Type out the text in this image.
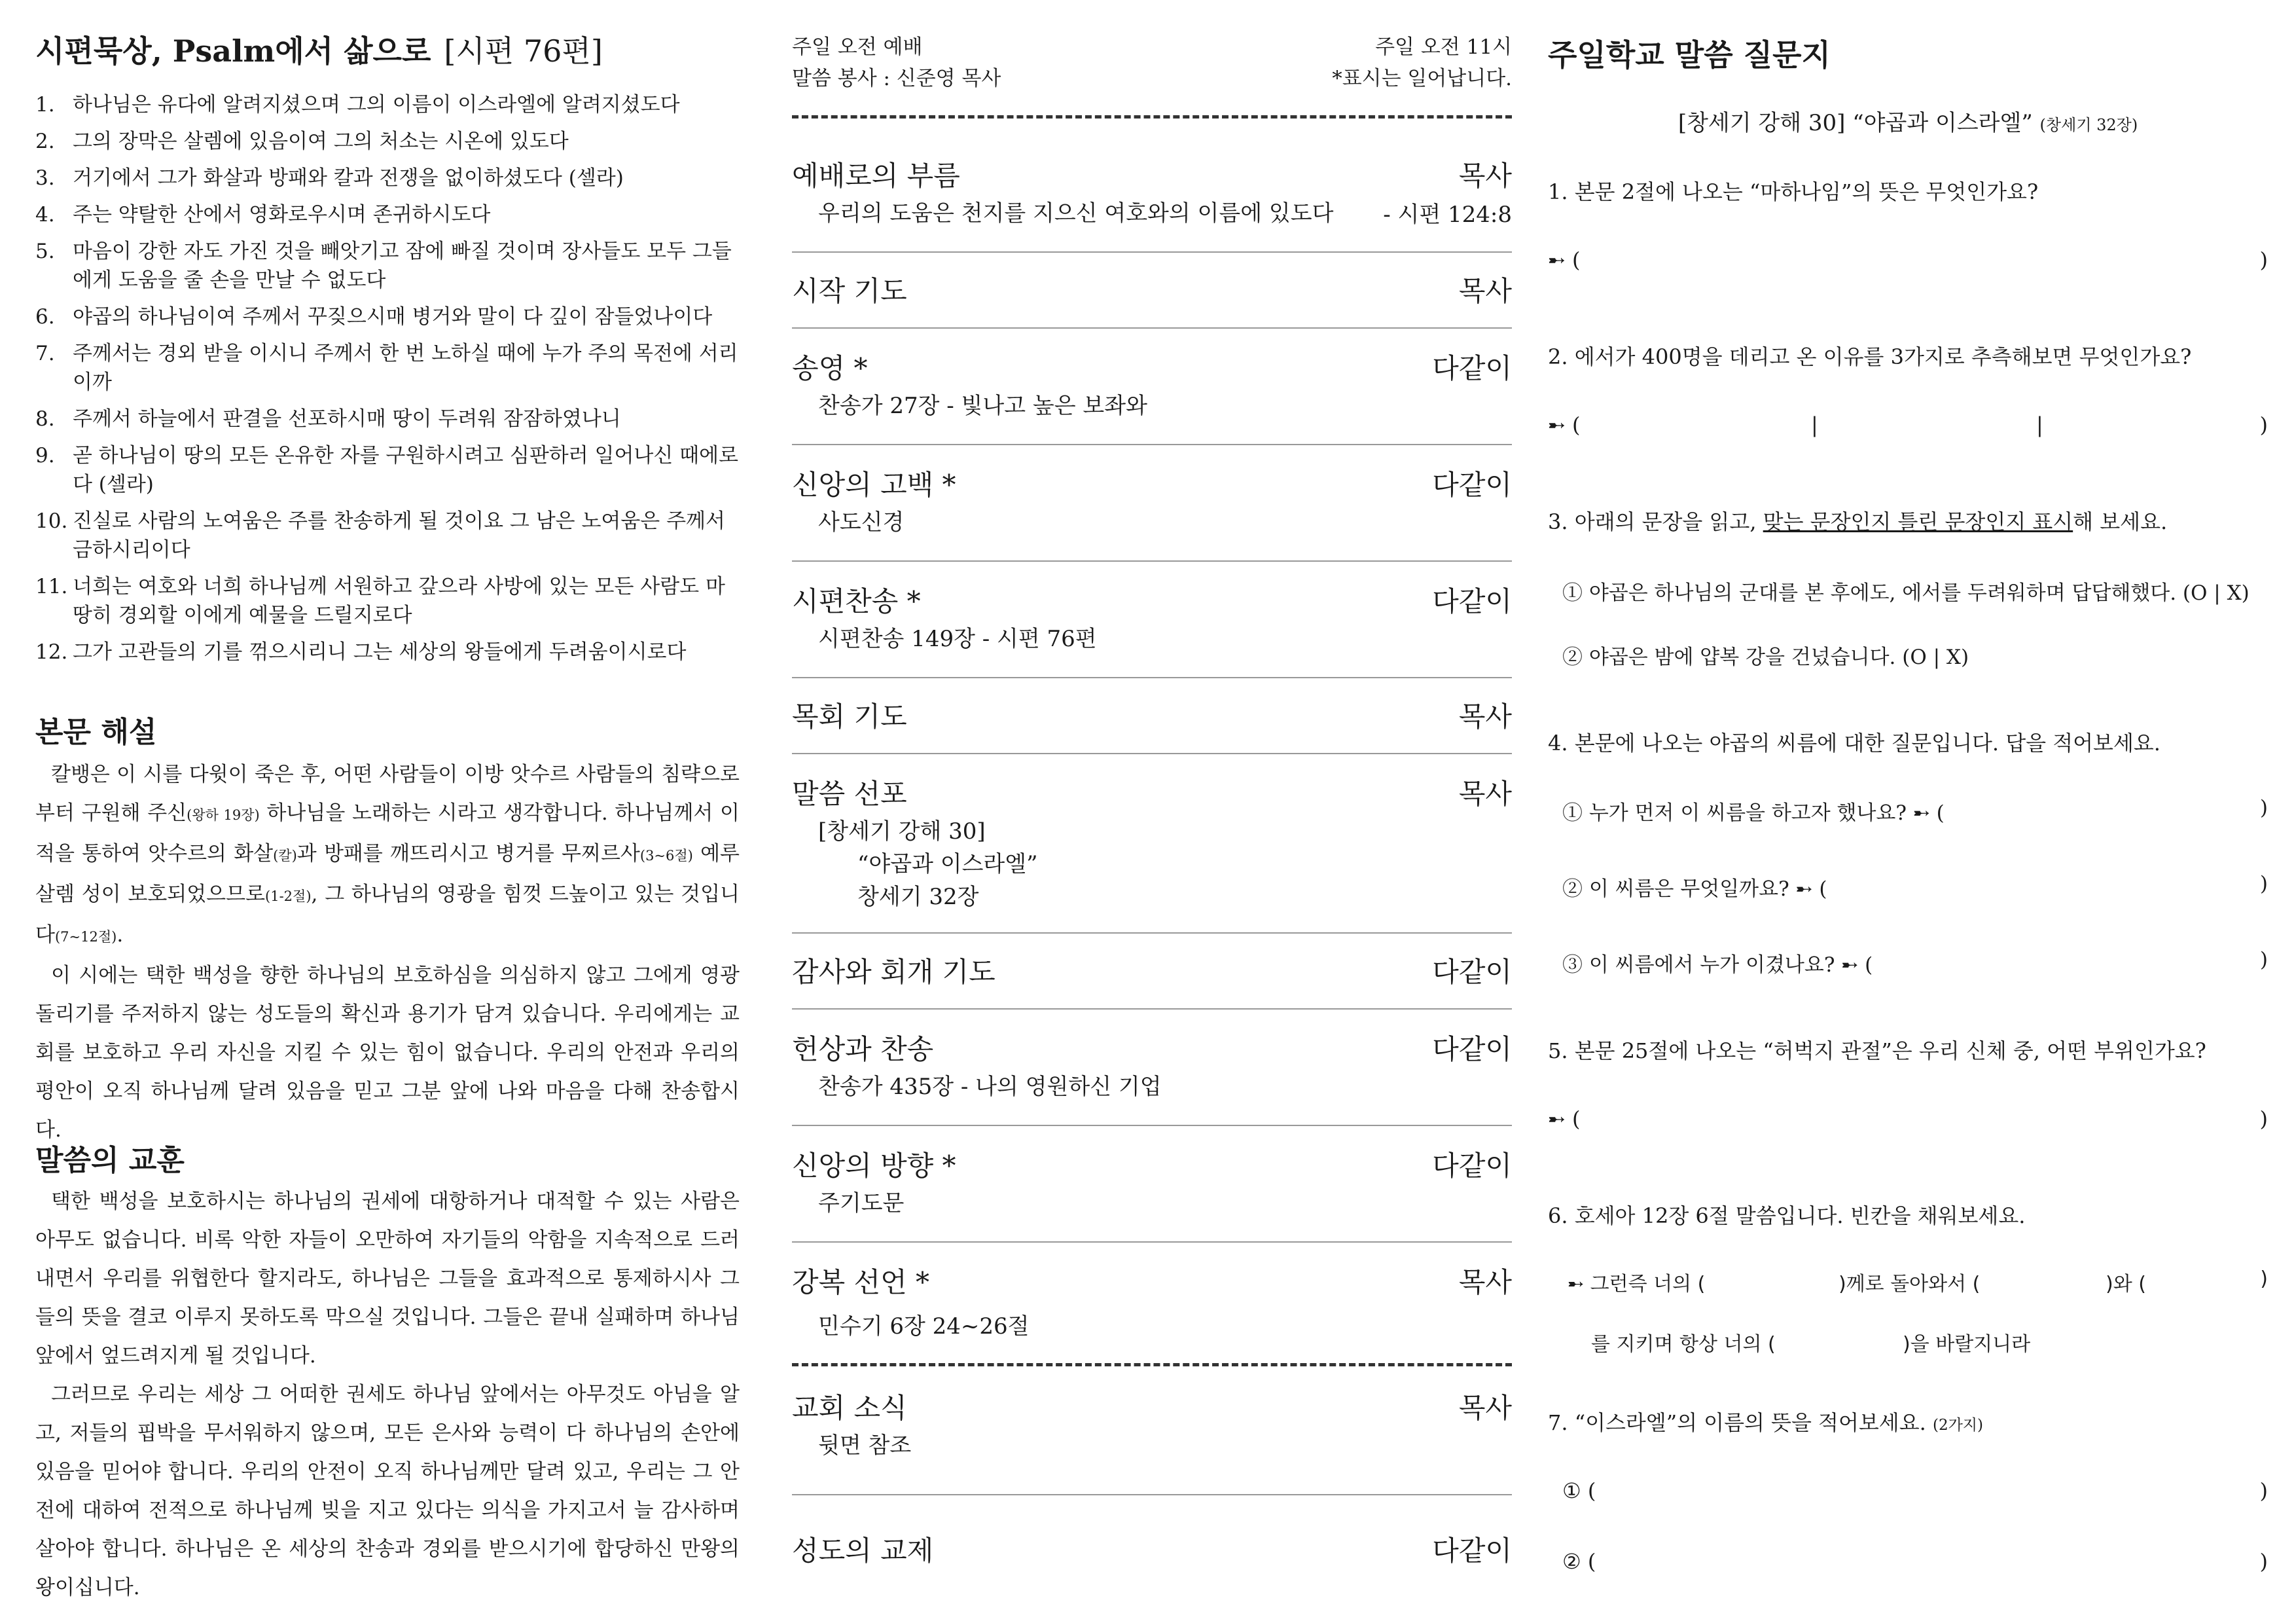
시편묵상, Psalm에서 삶으로 [시편 76편]
1. 하나님은 유다에 알려지셨으며 그의 이름이 이스라엘에 알려지셨도다
2. 그의 장막은 살렘에 있음이여 그의 처소는 시온에 있도다
3. 거기에서 그가 화살과 방패와 칼과 전쟁을 없이하셨도다 (셀라)
4. 주는 약탈한 산에서 영화로우시며 존귀하시도다
5. 마음이 강한 자도 가진 것을 빼앗기고 잠에 빠질 것이며 장사들도 모두 그들에게 도움을 줄 손을 만날 수 없도다
6. 야곱의 하나님이여 주께서 꾸짖으시매 병거와 말이 다 깊이 잠들었나이다
7. 주께서는 경외 받을 이시니 주께서 한 번 노하실 때에 누가 주의 목전에 서리이까
8. 주께서 하늘에서 판결을 선포하시매 땅이 두려워 잠잠하였나니
9. 곧 하나님이 땅의 모든 온유한 자를 구원하시려고 심판하러 일어나신 때에로다 (셀라)
10. 진실로 사람의 노여움은 주를 찬송하게 될 것이요 그 남은 노여움은 주께서 금하시리이다
11. 너희는 여호와 너희 하나님께 서원하고 갚으라 사방에 있는 모든 사람도 마땅히 경외할 이에게 예물을 드릴지로다
12. 그가 고관들의 기를 꺾으시리니 그는 세상의 왕들에게 두려움이시로다
본문 해설

칼뱅은 이 시를 다윗이 죽은 후, 어떤 사람들이 이방 앗수르 사람들의 침략으로부터 구원해 주신(왕하 19장) 하나님을 노래하는 시라고 생각합니다. 하나님께서 이적을 통하여 앗수르의 화살(칼)과 방패를 깨뜨리시고 병거를 무찌르사(3~6절) 예루살렘 성이 보호되었으므로(1-2절), 그 하나님의 영광을 힘껏 드높이고 있는 것입니다(7~12절).

이 시에는 택한 백성을 향한 하나님의 보호하심을 의심하지 않고 그에게 영광 돌리기를 주저하지 않는 성도들의 확신과 용기가 담겨 있습니다. 우리에게는 교회를 보호하고 우리 자신을 지킬 수 있는 힘이 없습니다. 우리의 안전과 우리의 평안이 오직 하나님께 달려 있음을 믿고 그분 앞에 나와 마음을 다해 찬송합시다.

말씀의 교훈

택한 백성을 보호하시는 하나님의 권세에 대항하거나 대적할 수 있는 사람은 아무도 없습니다. 비록 악한 자들이 오만하여 자기들의 악함을 지속적으로 드러내면서 우리를 위협한다 할지라도, 하나님은 그들을 효과적으로 통제하시사 그들의 뜻을 결코 이루지 못하도록 막으실 것입니다. 그들은 끝내 실패하며 하나님 앞에서 엎드려지게 될 것입니다.

그러므로 우리는 세상 그 어떠한 권세도 하나님 앞에서는 아무것도 아님을 알고, 저들의 핍박을 무서워하지 않으며, 모든 은사와 능력이 다 하나님의 손안에 있음을 믿어야 합니다. 우리의 안전이 오직 하나님께만 달려 있고, 우리는 그 안전에 대하여 전적으로 하나님께 빚을 지고 있다는 의식을 가지고서 늘 감사하며 살아야 합니다. 하나님은 온 세상의 찬송과 경외를 받으시기에 합당하신 만왕의 왕이십니다.

주일 오전 예배
말씀 봉사 : 신준영 목사
주일 오전 11시
*표시는 일어납니다.
예배로의 부름	목사
우리의 도움은 천지를 지으신 여호와의 이름에 있도다 - 시편 124:8
시작 기도	목사
송영 *	다같이
찬송가 27장 - 빛나고 높은 보좌와
신앙의 고백 *	다같이
사도신경
시편찬송 *	다같이
시편찬송 149장 - 시편 76편
목회 기도	목사
말씀 선포	목사
[창세기 강해 30]
“야곱과 이스라엘”
창세기 32장
감사와 회개 기도	다같이
헌상과 찬송	다같이
찬송가 435장 - 나의 영원하신 기업
신앙의 방향 *	다같이
주기도문
강복 선언 *	목사
민수기 6장 24~26절
교회 소식	목사
뒷면 참조
성도의 교제	다같이
주일학교 말씀 질문지
[창세기 강해 30] “야곱과 이스라엘” (창세기 32장)
1. 본문 2절에 나오는 “마하나임”의 뜻은 무엇인가요?
➸ (	)
2. 에서가 400명을 데리고 온 이유를 3가지로 추측해보면 무엇인가요?
➸ (	|	|	)
3. 아래의 문장을 읽고, 맞는 문장인지 틀린 문장인지 표시해 보세요.
① 야곱은 하나님의 군대를 본 후에도, 에서를 두려워하며 답답해했다. (O | X)
② 야곱은 밤에 얍복 강을 건넜습니다. (O | X)
4. 본문에 나오는 야곱의 씨름에 대한 질문입니다. 답을 적어보세요.
① 누가 먼저 이 씨름을 하고자 했나요? ➸ (	)
② 이 씨름은 무엇일까요? ➸ (	)
③ 이 씨름에서 누가 이겼나요? ➸ (	)
5. 본문 25절에 나오는 “허벅지 관절”은 우리 신체 중, 어떤 부위인가요?
➸ (	)
6. 호세아 12장 6절 말씀입니다. 빈칸을 채워보세요.
➸ 그런즉 너의 (	)께로 돌아와서 (	)와 (	)
를 지키며 항상 너의 (	)을 바랄지니라
7. “이스라엘”의 이름의 뜻을 적어보세요. (2가지)
① (	)
② (	)
